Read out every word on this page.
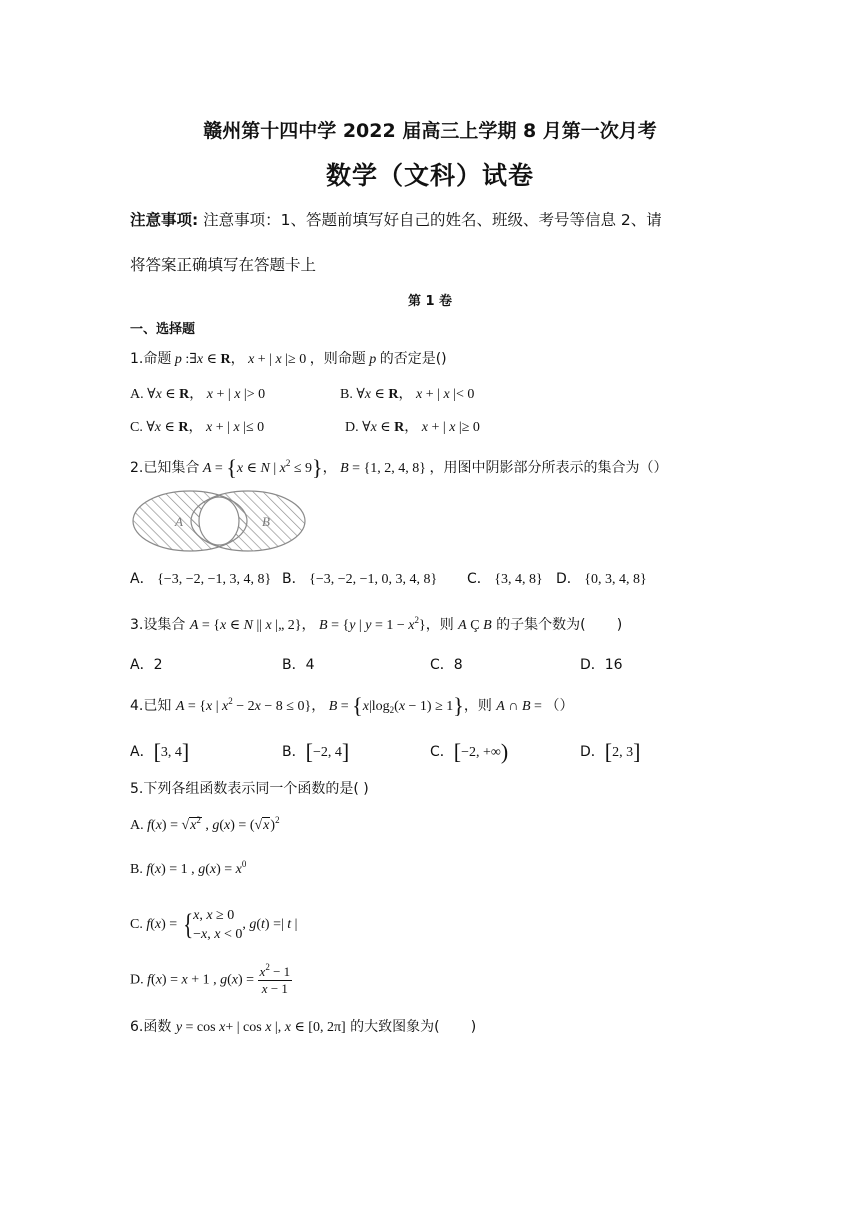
赣州第十四中学 2022 届高三上学期 8 月第一次月考
数学（文科）试卷
注意事项: 注意事项：1、答题前填写好自己的姓名、班级、考号等信息 2、请
将答案正确填写在答题卡上
第 1 卷
一、选择题
1.命题 p :∃x ∈ R， x + | x |≥ 0 ，则命题 p 的否定是()
A. ∀x ∈ R， x + | x |> 0	B. ∀x ∈ R， x + | x |< 0
C. ∀x ∈ R， x + | x |≤ 0	D. ∀x ∈ R， x + | x |≥ 0
2.已知集合 A = {x ∈ N | $x^2 \le 9$}， B = {1, 2, 4, 8} ，用图中阴影部分所表示的集合为（）
A	B
A． {−3, −2, −1, 3, 4, 8} B． {−3, −2, −1, 0, 3, 4, 8} C． {3, 4, 8} D． {0, 3, 4, 8}
3.设集合 A = {x ∈ N || x |„ 2}， B = {y | $y = 1 - x^2$}，则 A Ç B 的子集个数为(       )
A．2	B．4	C．8	D．16
4.已知 A = {x | $x^2 - 2x - 8 \le 0$}， $B = \{x|\log_2(x - 1) \ge 1\}$，则 A ∩ B = （）
A．[3, 4]	B．[−2, 4]	C．[−2, +∞)	D．[2, 3]
5.下列各组函数表示同一个函数的是( )
A. $f(x) = √x^2$ , $g(x) = (√x)^2$
B. f(x) = 1 , $g(x) = x^0$
C. f(x) = { x, x ≥ 0
−x, x < 0
, g(t) =| t |
D. f(x) = x + 1 , $g(x) = \frac{x^2 - 1}{x - 1}$
6.函数 y = cos x+ | cos x |, x ∈ [0, 2π] 的大致图象为(       )
